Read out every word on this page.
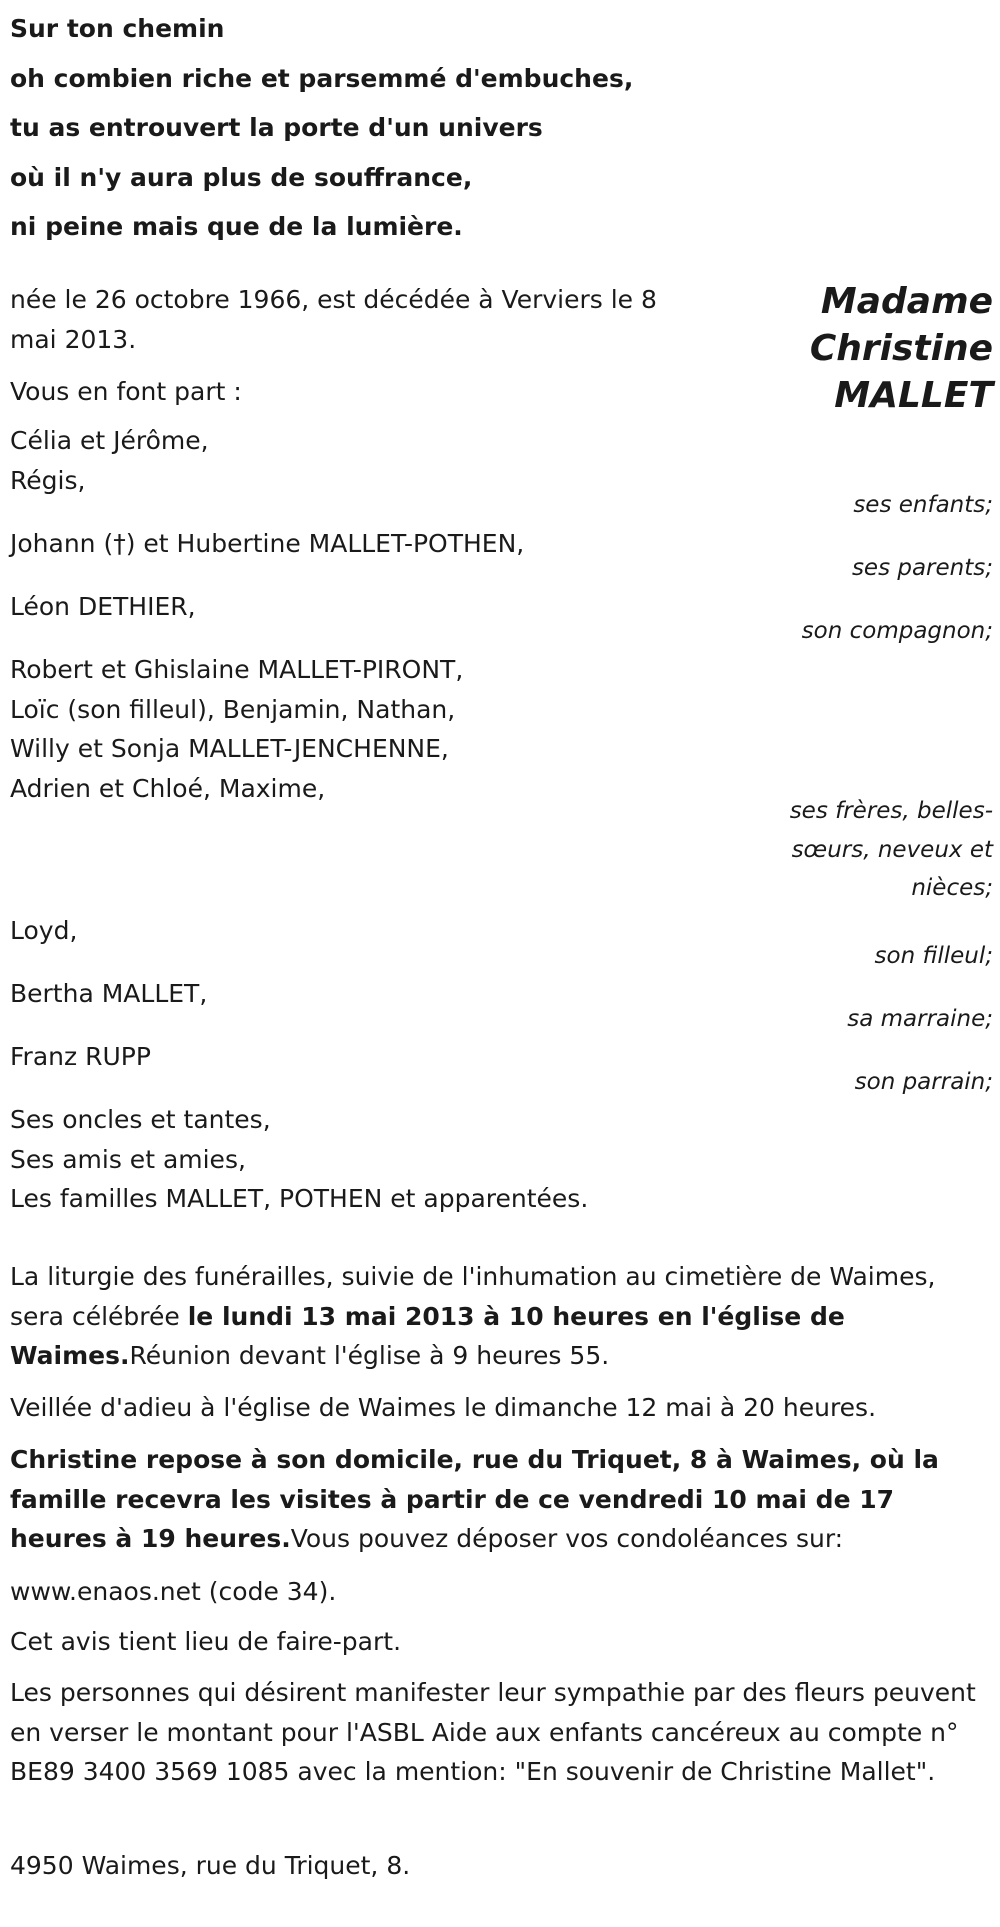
Sur ton chemin
oh combien riche et parsemmé d'embuches,
tu as entrouvert la porte d'un univers
où il n'y aura plus de souffrance,
ni peine mais que de la lumière.
Madame
Christine
MALLET
née le 26 octobre 1966, est décédée à Verviers le 8 mai 2013.
Vous en font part :
Célia et Jérôme,
Régis,
Johann (†) et Hubertine MALLET-POTHEN,
Léon DETHIER,
Robert et Ghislaine MALLET-PIRONT,
Loïc (son filleul), Benjamin, Nathan,
Willy et Sonja MALLET-JENCHENNE,
Adrien et Chloé, Maxime,
Loyd,
Bertha MALLET,
Franz RUPP
Ses oncles et tantes,
Ses amis et amies,
Les familles MALLET, POTHEN et apparentées.
ses enfants;
ses parents;
son compagnon;
ses frères, belles-
sœurs, neveux et
nièces;
son filleul;
sa marraine;
son parrain;
La liturgie des funérailles, suivie de l'inhumation au cimetière de Waimes, sera célébrée le lundi 13 mai 2013 à 10 heures en l'église de Waimes.Réunion devant l'église à 9 heures 55.
Veillée d'adieu à l'église de Waimes le dimanche 12 mai à 20 heures.
Christine repose à son domicile, rue du Triquet, 8 à Waimes, où la famille recevra les visites à partir de ce vendredi 10 mai de 17 heures à 19 heures.Vous pouvez déposer vos condoléances sur:
www.enaos.net (code 34).
Cet avis tient lieu de faire-part.
Les personnes qui désirent manifester leur sympathie par des fleurs peuvent en verser le montant pour l'ASBL Aide aux enfants cancéreux au compte n° BE89 3400 3569 1085 avec la mention: "En souvenir de Christine Mallet".
4950 Waimes, rue du Triquet, 8.
